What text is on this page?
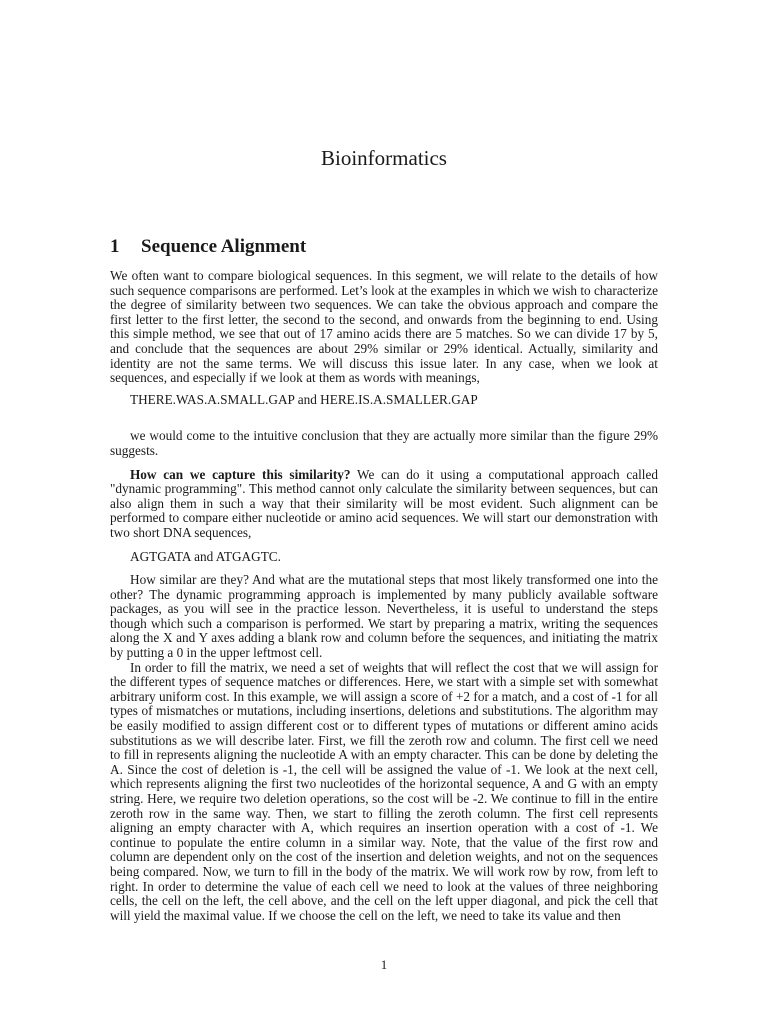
Bioinformatics
1 Sequence Alignment

We often want to compare biological sequences. In this segment, we will relate to the details of how such sequence comparisons are performed. Let’s look at the examples in which we wish to characterize the degree of similarity between two sequences. We can take the obvious approach and compare the first letter to the first letter, the second to the second, and onwards from the beginning to end. Using this simple method, we see that out of 17 amino acids there are 5 matches. So we can divide 17 by 5, and conclude that the sequences are about 29% similar or 29% identical. Actually, similarity and identity are not the same terms. We will discuss this issue later. In any case, when we look at sequences, and especially if we look at them as words with meanings,

THERE.WAS.A.SMALL.GAP and HERE.IS.A.SMALLER.GAP

we would come to the intuitive conclusion that they are actually more similar than the figure 29% suggests.

How can we capture this similarity? We can do it using a computational approach called "dynamic programming". This method cannot only calculate the similarity between sequences, but can also align them in such a way that their similarity will be most evident. Such alignment can be performed to compare either nucleotide or amino acid sequences. We will start our demonstration with two short DNA sequences,

AGTGATA and ATGAGTC.

How similar are they? And what are the mutational steps that most likely transformed one into the other? The dynamic programming approach is implemented by many publicly available software packages, as you will see in the practice lesson. Nevertheless, it is useful to understand the steps though which such a comparison is performed. We start by preparing a matrix, writing the sequences along the X and Y axes adding a blank row and column before the sequences, and initiating the matrix by putting a 0 in the upper leftmost cell.

In order to fill the matrix, we need a set of weights that will reflect the cost that we will assign for the different types of sequence matches or differences. Here, we start with a simple set with somewhat arbitrary uniform cost. In this example, we will assign a score of +2 for a match, and a cost of -1 for all types of mismatches or mutations, including insertions, deletions and substitutions. The algorithm may be easily modified to assign different cost or to different types of mutations or different amino acids substitutions as we will describe later. First, we fill the zeroth row and column. The first cell we need to fill in represents aligning the nucleotide A with an empty character. This can be done by deleting the A. Since the cost of deletion is -1, the cell will be assigned the value of -1. We look at the next cell, which represents aligning the first two nucleotides of the horizontal sequence, A and G with an empty string. Here, we require two deletion operations, so the cost will be -2. We continue to fill in the entire zeroth row in the same way. Then, we start to filling the zeroth column. The first cell represents aligning an empty character with A, which requires an insertion operation with a cost of -1. We continue to populate the entire column in a similar way. Note, that the value of the first row and column are dependent only on the cost of the insertion and deletion weights, and not on the sequences being compared. Now, we turn to fill in the body of the matrix. We will work row by row, from left to right. In order to determine the value of each cell we need to look at the values of three neighboring cells, the cell on the left, the cell above, and the cell on the left upper diagonal, and pick the cell that will yield the maximal value. If we choose the cell on the left, we need to take its value and then

1
